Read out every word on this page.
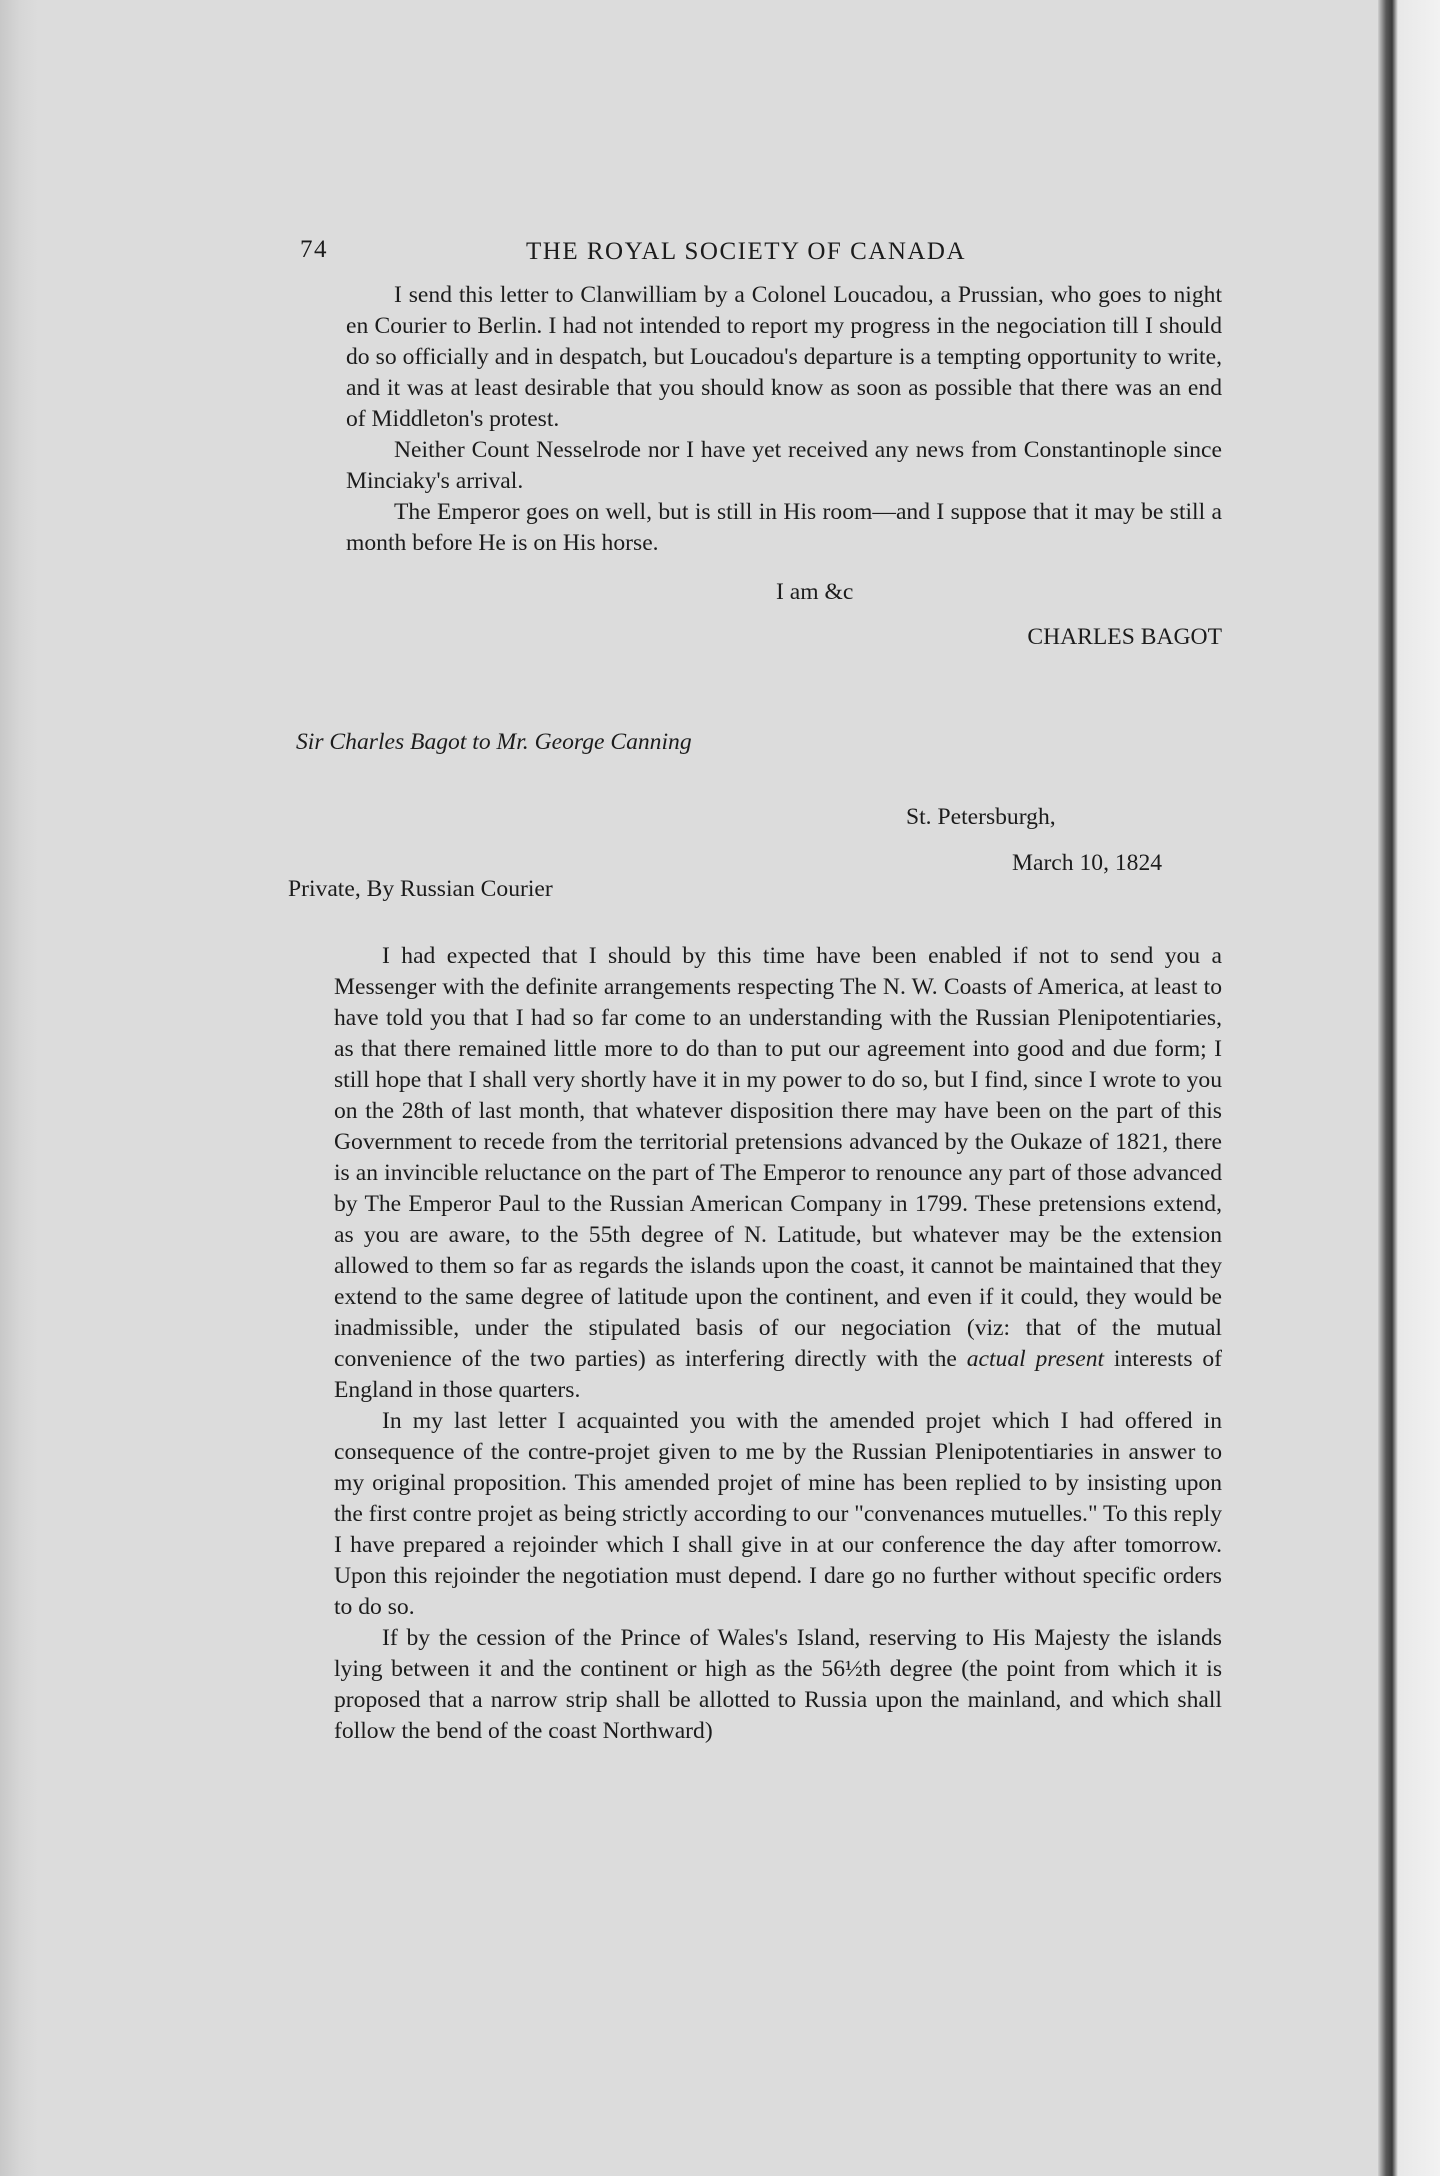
74	THE ROYAL SOCIETY OF CANADA

I send this letter to Clanwilliam by a Colonel Loucadou, a Prussian, who goes to night en Courier to Berlin. I had not intended to report my progress in the negociation till I should do so officially and in despatch, but Loucadou's departure is a tempting opportunity to write, and it was at least desirable that you should know as soon as possible that there was an end of Middleton's protest.

Neither Count Nesselrode nor I have yet received any news from Constantinople since Minciaky's arrival.

The Emperor goes on well, but is still in His room—and I suppose that it may be still a month before He is on His horse.

I am &c
CHARLES BAGOT
Sir Charles Bagot to Mr. George Canning
St. Petersburgh,
March 10, 1824
Private, By Russian Courier

I had expected that I should by this time have been enabled if not to send you a Messenger with the definite arrangements respecting The N. W. Coasts of America, at least to have told you that I had so far come to an understanding with the Russian Plenipotentiaries, as that there remained little more to do than to put our agreement into good and due form; I still hope that I shall very shortly have it in my power to do so, but I find, since I wrote to you on the 28th of last month, that whatever disposition there may have been on the part of this Government to recede from the territorial pretensions advanced by the Oukaze of 1821, there is an invincible reluctance on the part of The Emperor to renounce any part of those advanced by The Emperor Paul to the Russian American Company in 1799. These pretensions extend, as you are aware, to the 55th degree of N. Latitude, but whatever may be the extension allowed to them so far as regards the islands upon the coast, it cannot be maintained that they extend to the same degree of latitude upon the continent, and even if it could, they would be inadmissible, under the stipulated basis of our negociation (viz: that of the mutual convenience of the two parties) as interfering directly with the actual present interests of England in those quarters.

In my last letter I acquainted you with the amended projet which I had offered in consequence of the contre-projet given to me by the Russian Plenipotentiaries in answer to my original proposition. This amended projet of mine has been replied to by insisting upon the first contre projet as being strictly according to our "convenances mutuelles." To this reply I have prepared a rejoinder which I shall give in at our conference the day after tomorrow. Upon this rejoinder the negotiation must depend. I dare go no further without specific orders to do so.

If by the cession of the Prince of Wales's Island, reserving to His Majesty the islands lying between it and the continent or high as the 56½th degree (the point from which it is proposed that a narrow strip shall be allotted to Russia upon the mainland, and which shall follow the bend of the coast Northward)
